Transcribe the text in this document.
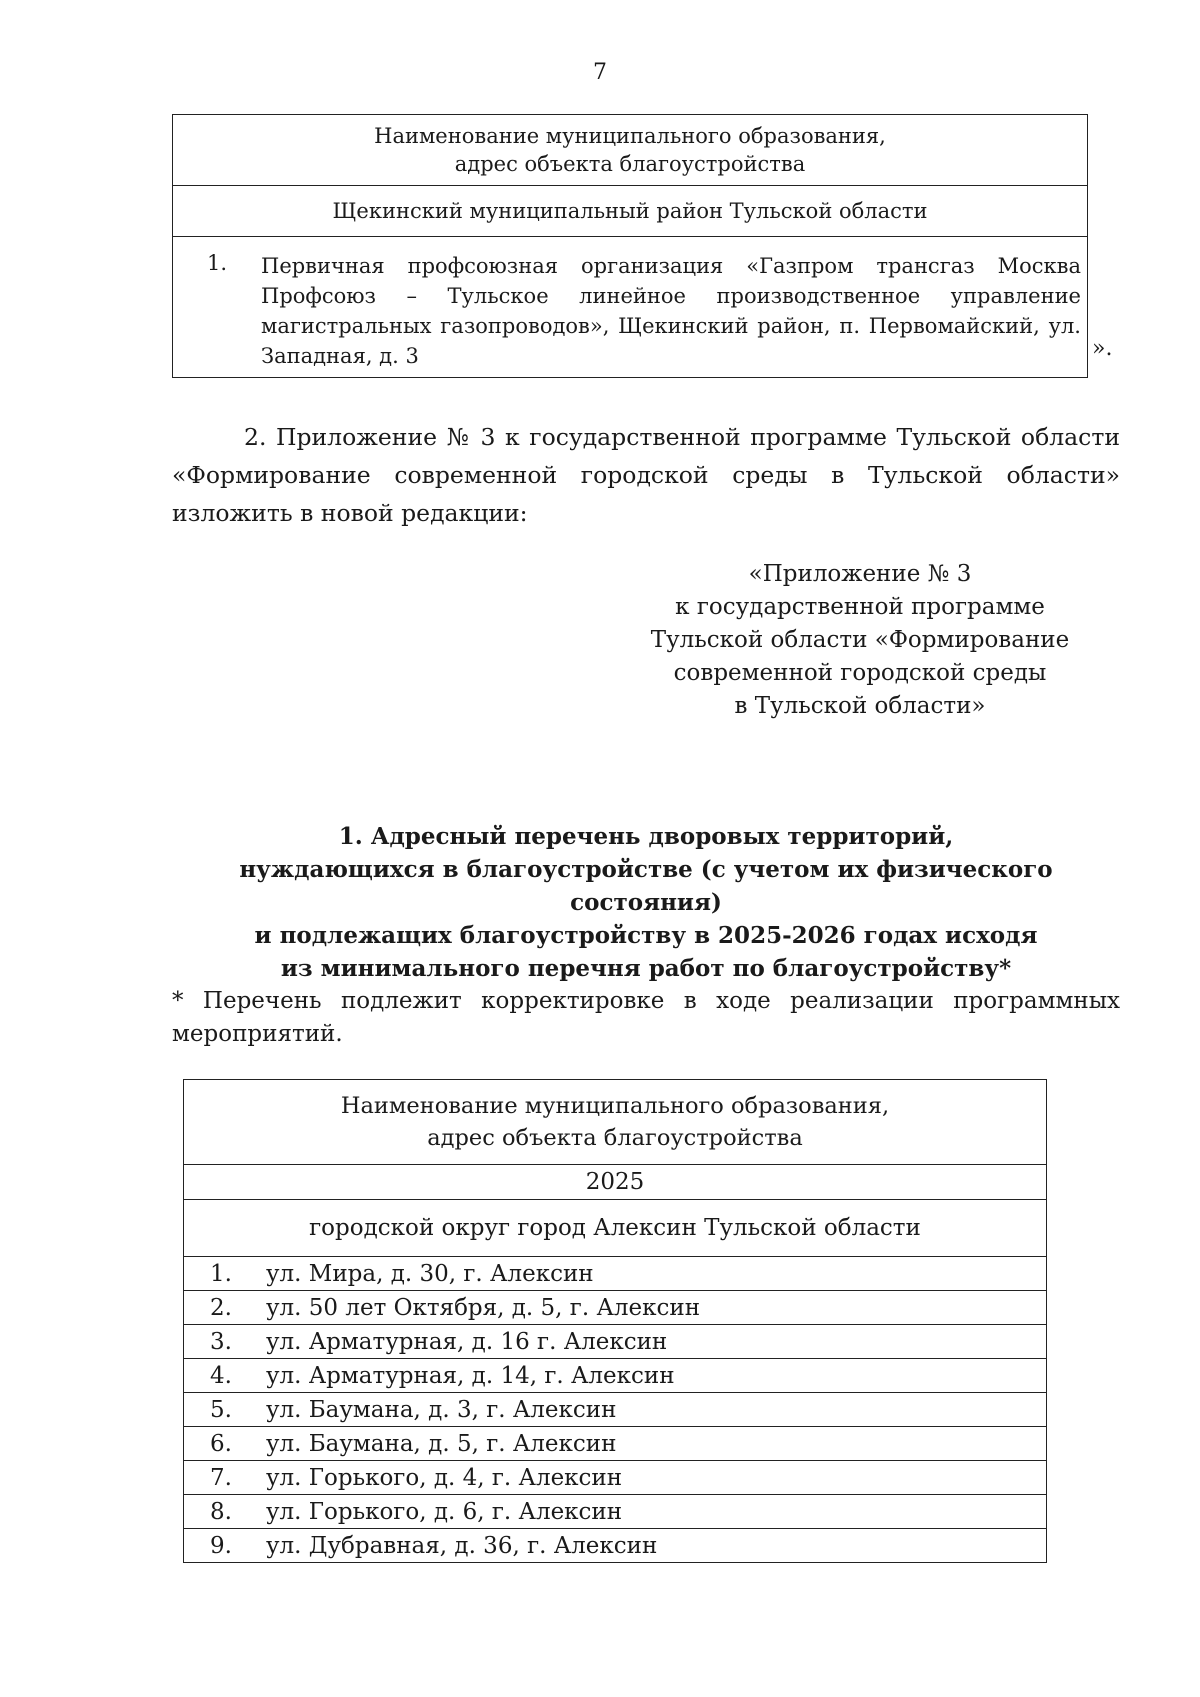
7
Наименование муниципального образования,
адрес объекта благоустройства

Щекинский муниципальный район Тульской области

1.	Первичная профсоюзная организация «Газпром трансгаз Москва Профсоюз – Тульское линейное производственное управление магистральных газопроводов», Щекинский район, п. Первомайский, ул. Западная, д. 3	».
2. Приложение № 3 к государственной программе Тульской области «Формирование современной городской среды в Тульской области» изложить в новой редакции:
«Приложение № 3
к государственной программе
Тульской области «Формирование
современной городской среды
в Тульской области»
1. Адресный перечень дворовых территорий,
нуждающихся в благоустройстве (с учетом их физического состояния)
и подлежащих благоустройству в 2025-2026 годах исходя
из минимального перечня работ по благоустройству*
* Перечень подлежит корректировке в ходе реализации программных мероприятий.
Наименование муниципального образования,
адрес объекта благоустройства

2025
городской округ город Алексин Тульской области
1. ул. Мира, д. 30, г. Алексин
2. ул. 50 лет Октября, д. 5, г. Алексин
3. ул. Арматурная, д. 16 г. Алексин
4. ул. Арматурная, д. 14, г. Алексин
5. ул. Баумана, д. 3, г. Алексин
6. ул. Баумана, д. 5, г. Алексин
7. ул. Горького, д. 4, г. Алексин
8. ул. Горького, д. 6, г. Алексин
9. ул. Дубравная, д. 36, г. Алексин
